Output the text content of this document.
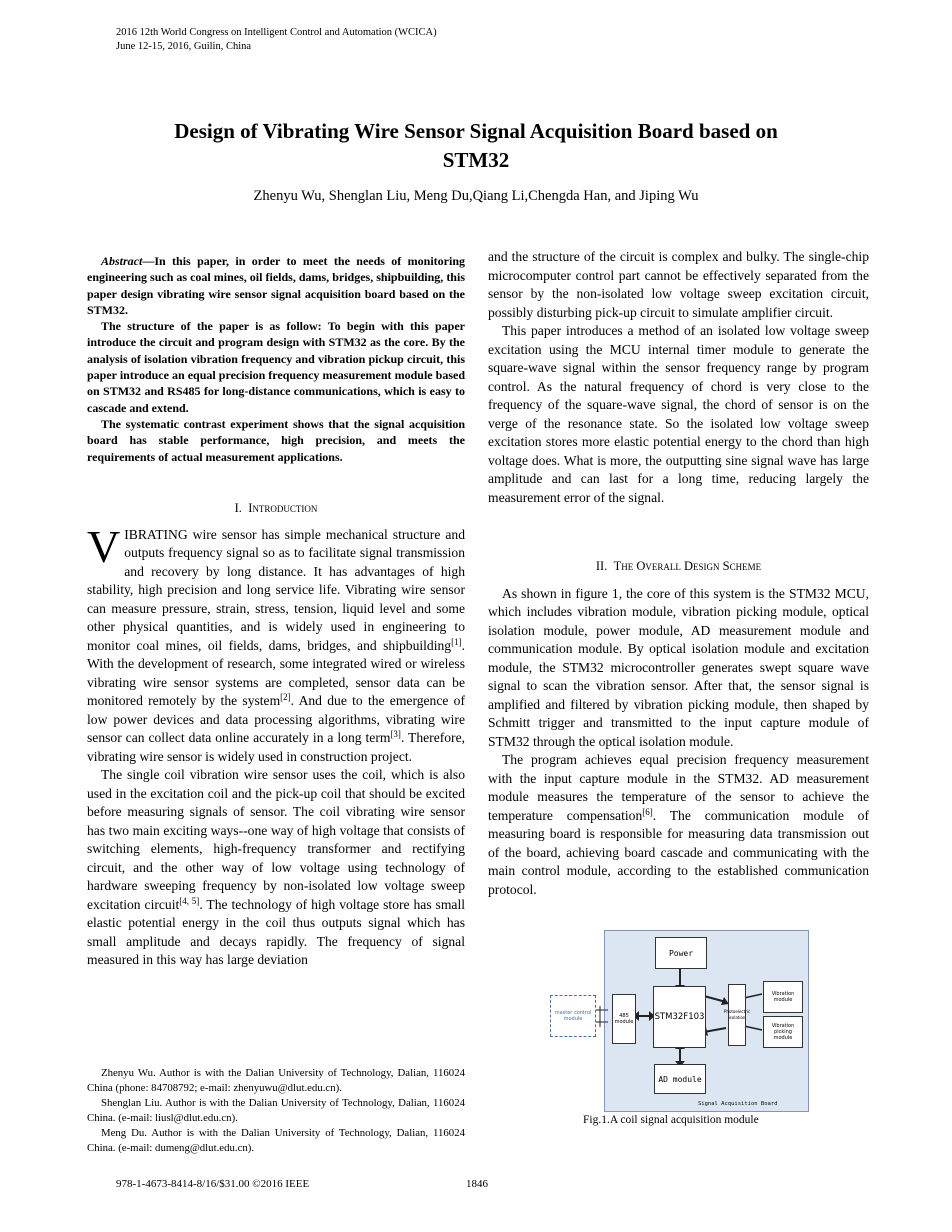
2016 12th World Congress on Intelligent Control and Automation (WCICA)
June 12-15, 2016, Guilin, China
Design of Vibrating Wire Sensor Signal Acquisition Board based on
STM32
Zhenyu Wu, Shenglan Liu, Meng Du,Qiang Li,Chengda Han, and Jiping Wu

Abstract—In this paper, in order to meet the needs of monitoring engineering such as coal mines, oil fields, dams, bridges, shipbuilding, this paper design vibrating wire sensor signal acquisition board based on the STM32.

The structure of the paper is as follow: To begin with this paper introduce the circuit and program design with STM32 as the core. By the analysis of isolation vibration frequency and vibration pickup circuit, this paper introduce an equal precision frequency measurement module based on STM32 and RS485 for long-distance communications, which is easy to cascade and extend.

The systematic contrast experiment shows that the signal acquisition board has stable performance, high precision, and meets the requirements of actual measurement applications.

I. Introduction

VIBRATING wire sensor has simple mechanical structure and outputs frequency signal so as to facilitate signal transmission and recovery by long distance. It has advantages of high stability, high precision and long service life. Vibrating wire sensor can measure pressure, strain, stress, tension, liquid level and some other physical quantities, and is widely used in engineering to monitor coal mines, oil fields, dams, bridges, and shipbuilding[1]. With the development of research, some integrated wired or wireless vibrating wire sensor systems are completed, sensor data can be monitored remotely by the system[2]. And due to the emergence of low power devices and data processing algorithms, vibrating wire sensor can collect data online accurately in a long term[3]. Therefore, vibrating wire sensor is widely used in construction project.

The single coil vibration wire sensor uses the coil, which is also used in the excitation coil and the pick-up coil that should be excited before measuring signals of sensor. The coil vibrating wire sensor has two main exciting ways--one way of high voltage that consists of switching elements, high-frequency transformer and rectifying circuit, and the other way of low voltage using technology of hardware sweeping frequency by non-isolated low voltage sweep excitation circuit[4, 5]. The technology of high voltage store has small elastic potential energy in the coil thus outputs signal which has small amplitude and decays rapidly. The frequency of signal measured in this way has large deviation

Zhenyu Wu. Author is with the Dalian University of Technology, Dalian, 116024 China (phone: 84708792; e-mail: zhenyuwu@dlut.edu.cn).

Shenglan Liu. Author is with the Dalian University of Technology, Dalian, 116024 China. (e-mail: liusl@dlut.edu.cn).

Meng Du. Author is with the Dalian University of Technology, Dalian, 116024 China. (e-mail: dumeng@dlut.edu.cn).

and the structure of the circuit is complex and bulky. The single-chip microcomputer control part cannot be effectively separated from the sensor by the non-isolated low voltage sweep excitation circuit, possibly disturbing pick-up circuit to simulate amplifier circuit.

This paper introduces a method of an isolated low voltage sweep excitation using the MCU internal timer module to generate the square-wave signal within the sensor frequency range by program control. As the natural frequency of chord is very close to the frequency of the square-wave signal, the chord of sensor is on the verge of the resonance state. So the isolated low voltage sweep excitation stores more elastic potential energy to the chord than high voltage does. What is more, the outputting sine signal wave has large amplitude and can last for a long time, reducing largely the measurement error of the signal.

II. The Overall Design Scheme

As shown in figure 1, the core of this system is the STM32 MCU, which includes vibration module, vibration picking module, optical isolation module, power module, AD measurement module and communication module. By optical isolation module and excitation module, the STM32 microcontroller generates swept square wave signal to scan the vibration sensor. After that, the sensor signal is amplified and filtered by vibration picking module, then shaped by Schmitt trigger and transmitted to the input capture module of STM32 through the optical isolation module.

The program achieves equal precision frequency measurement with the input capture module in the STM32. AD measurement module measures the temperature of the sensor to achieve the temperature compensation[6]. The communication module of measuring board is responsible for measuring data transmission out of the board, achieving board cascade and communicating with the main control module, according to the established communication protocol.

Power
STM32F103
AD module
master control module	485 module
Photoelectric isolation
Vibration module
Vibration picking module
Signal Acquisition Board
Fig.1.A coil signal acquisition module
978-1-4673-8414-8/16/$31.00 ©2016 IEEE	1846
